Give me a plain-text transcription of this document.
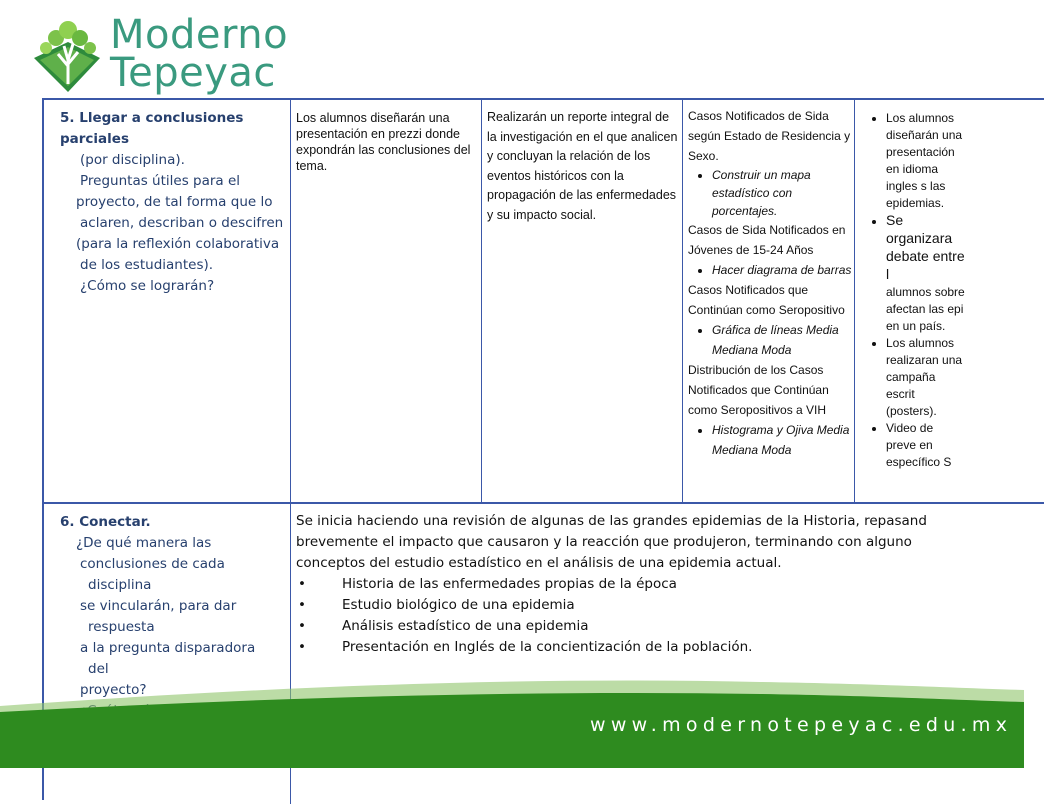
Moderno
Tepeyac

5. Llegar a conclusiones parciales

(por disciplina).

Preguntas útiles para el proyecto, de tal forma que lo

aclaren, describan o descifren

(para la reflexión colaborativa

de los estudiantes).

¿Cómo se lograrán?

Los alumnos diseñarán una presentación en prezzi donde expondrán las conclusiones del tema.
Realizarán un reporte integral de la investigación en el que analicen y concluyan la relación de los eventos históricos con la propagación de las enfermedades y su impacto social.
Casos Notificados de Sida según Estado de Residencia y Sexo.
• Construir un mapa estadístico con porcentajes.
Casos de Sida Notificados en Jóvenes de 15-24 Años
• Hacer diagrama de barras
Casos Notificados que Continúan como Seropositivo
• Gráfica de líneas Media Mediana Moda
Distribución de los Casos Notificados que Continúan como Seropositivos a VIH
• Histograma y Ojiva Media Mediana Moda
• Los alumnos diseñarán una presentación en idioma ingles s las epidemias.
• Se organizara
debate entre l
alumnos sobre afectan las epi en un país.
• Los alumnos realizaran una campaña escrit (posters).
• Video de preve en específico S

6. Conectar.

¿De qué manera las

conclusiones de cada

disciplina

se vincularán, para dar

respuesta

a la pregunta disparadora

del

proyecto?

Se inicia haciendo una revisión de algunas de las grandes epidemias de la Historia, repasand brevemente el impacto que causaron y la reacción que produjeron, terminando con alguno conceptos del estudio estadístico en el análisis de una epidemia actual.
• Historia de las enfermedades propias de la época
• Estudio biológico de una epidemia
• Análisis estadístico de una epidemia
• Presentación en Inglés de la concientización de la población.
www.modernotepeyac.edu.mx
